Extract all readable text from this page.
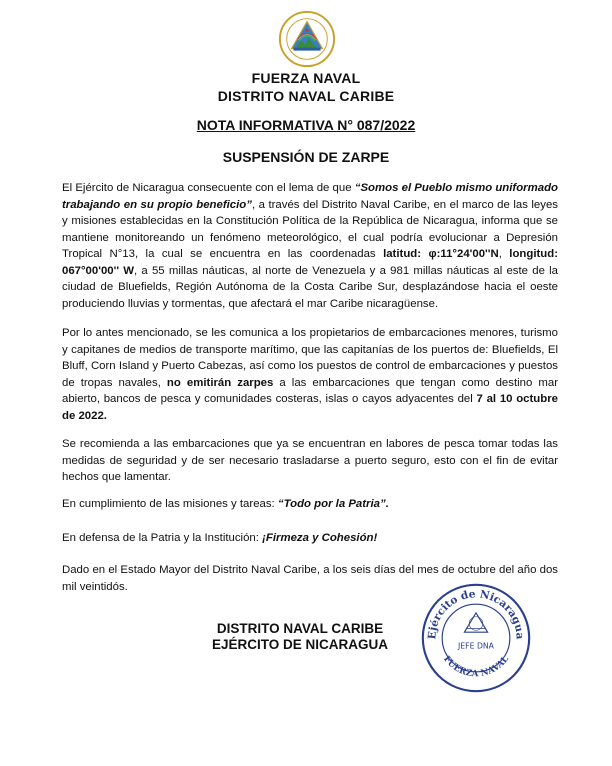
FUERZA NAVAL
DISTRITO NAVAL CARIBE
NOTA INFORMATIVA N° 087/2022
SUSPENSIÓN DE ZARPE

El Ejército de Nicaragua consecuente con el lema de que “Somos el Pueblo mismo uniformado trabajando en su propio beneficio”, a través del Distrito Naval Caribe, en el marco de las leyes y misiones establecidas en la Constitución Política de la República de Nicaragua, informa que se mantiene monitoreando un fenómeno meteorológico, el cual podría evolucionar a Depresión Tropical N°13, la cual se encuentra en las coordenadas latitud: φ:11°24'00''N, longitud: 067°00'00'' W, a 55 millas náuticas, al norte de Venezuela y a 981 millas náuticas al este de la ciudad de Bluefields, Región Autónoma de la Costa Caribe Sur, desplazándose hacia el oeste produciendo lluvias y tormentas, que afectará el mar Caribe nicaragüense.

Por lo antes mencionado, se les comunica a los propietarios de embarcaciones menores, turismo y capitanes de medios de transporte marítimo, que las capitanías de los puertos de: Bluefields, El Bluff, Corn Island y Puerto Cabezas, así como los puestos de control de embarcaciones y puestos de tropas navales, no emitirán zarpes a las embarcaciones que tengan como destino mar abierto, bancos de pesca y comunidades costeras, islas o cayos adyacentes del 7 al 10 octubre de 2022.

Se recomienda a las embarcaciones que ya se encuentran en labores de pesca tomar todas las medidas de seguridad y de ser necesario trasladarse a puerto seguro, esto con el fin de evitar hechos que lamentar.

En cumplimiento de las misiones y tareas: “Todo por la Patria”.

En defensa de la Patria y la Institución: ¡Firmeza y Cohesión!

Dado en el Estado Mayor del Distrito Naval Caribe, a los seis días del mes de octubre del año dos mil veintidós.

DISTRITO NAVAL CARIBE
EJÉRCITO DE NICARAGUA
Ejército de Nicaragua
JEFE DNA
FUERZA NAVAL
